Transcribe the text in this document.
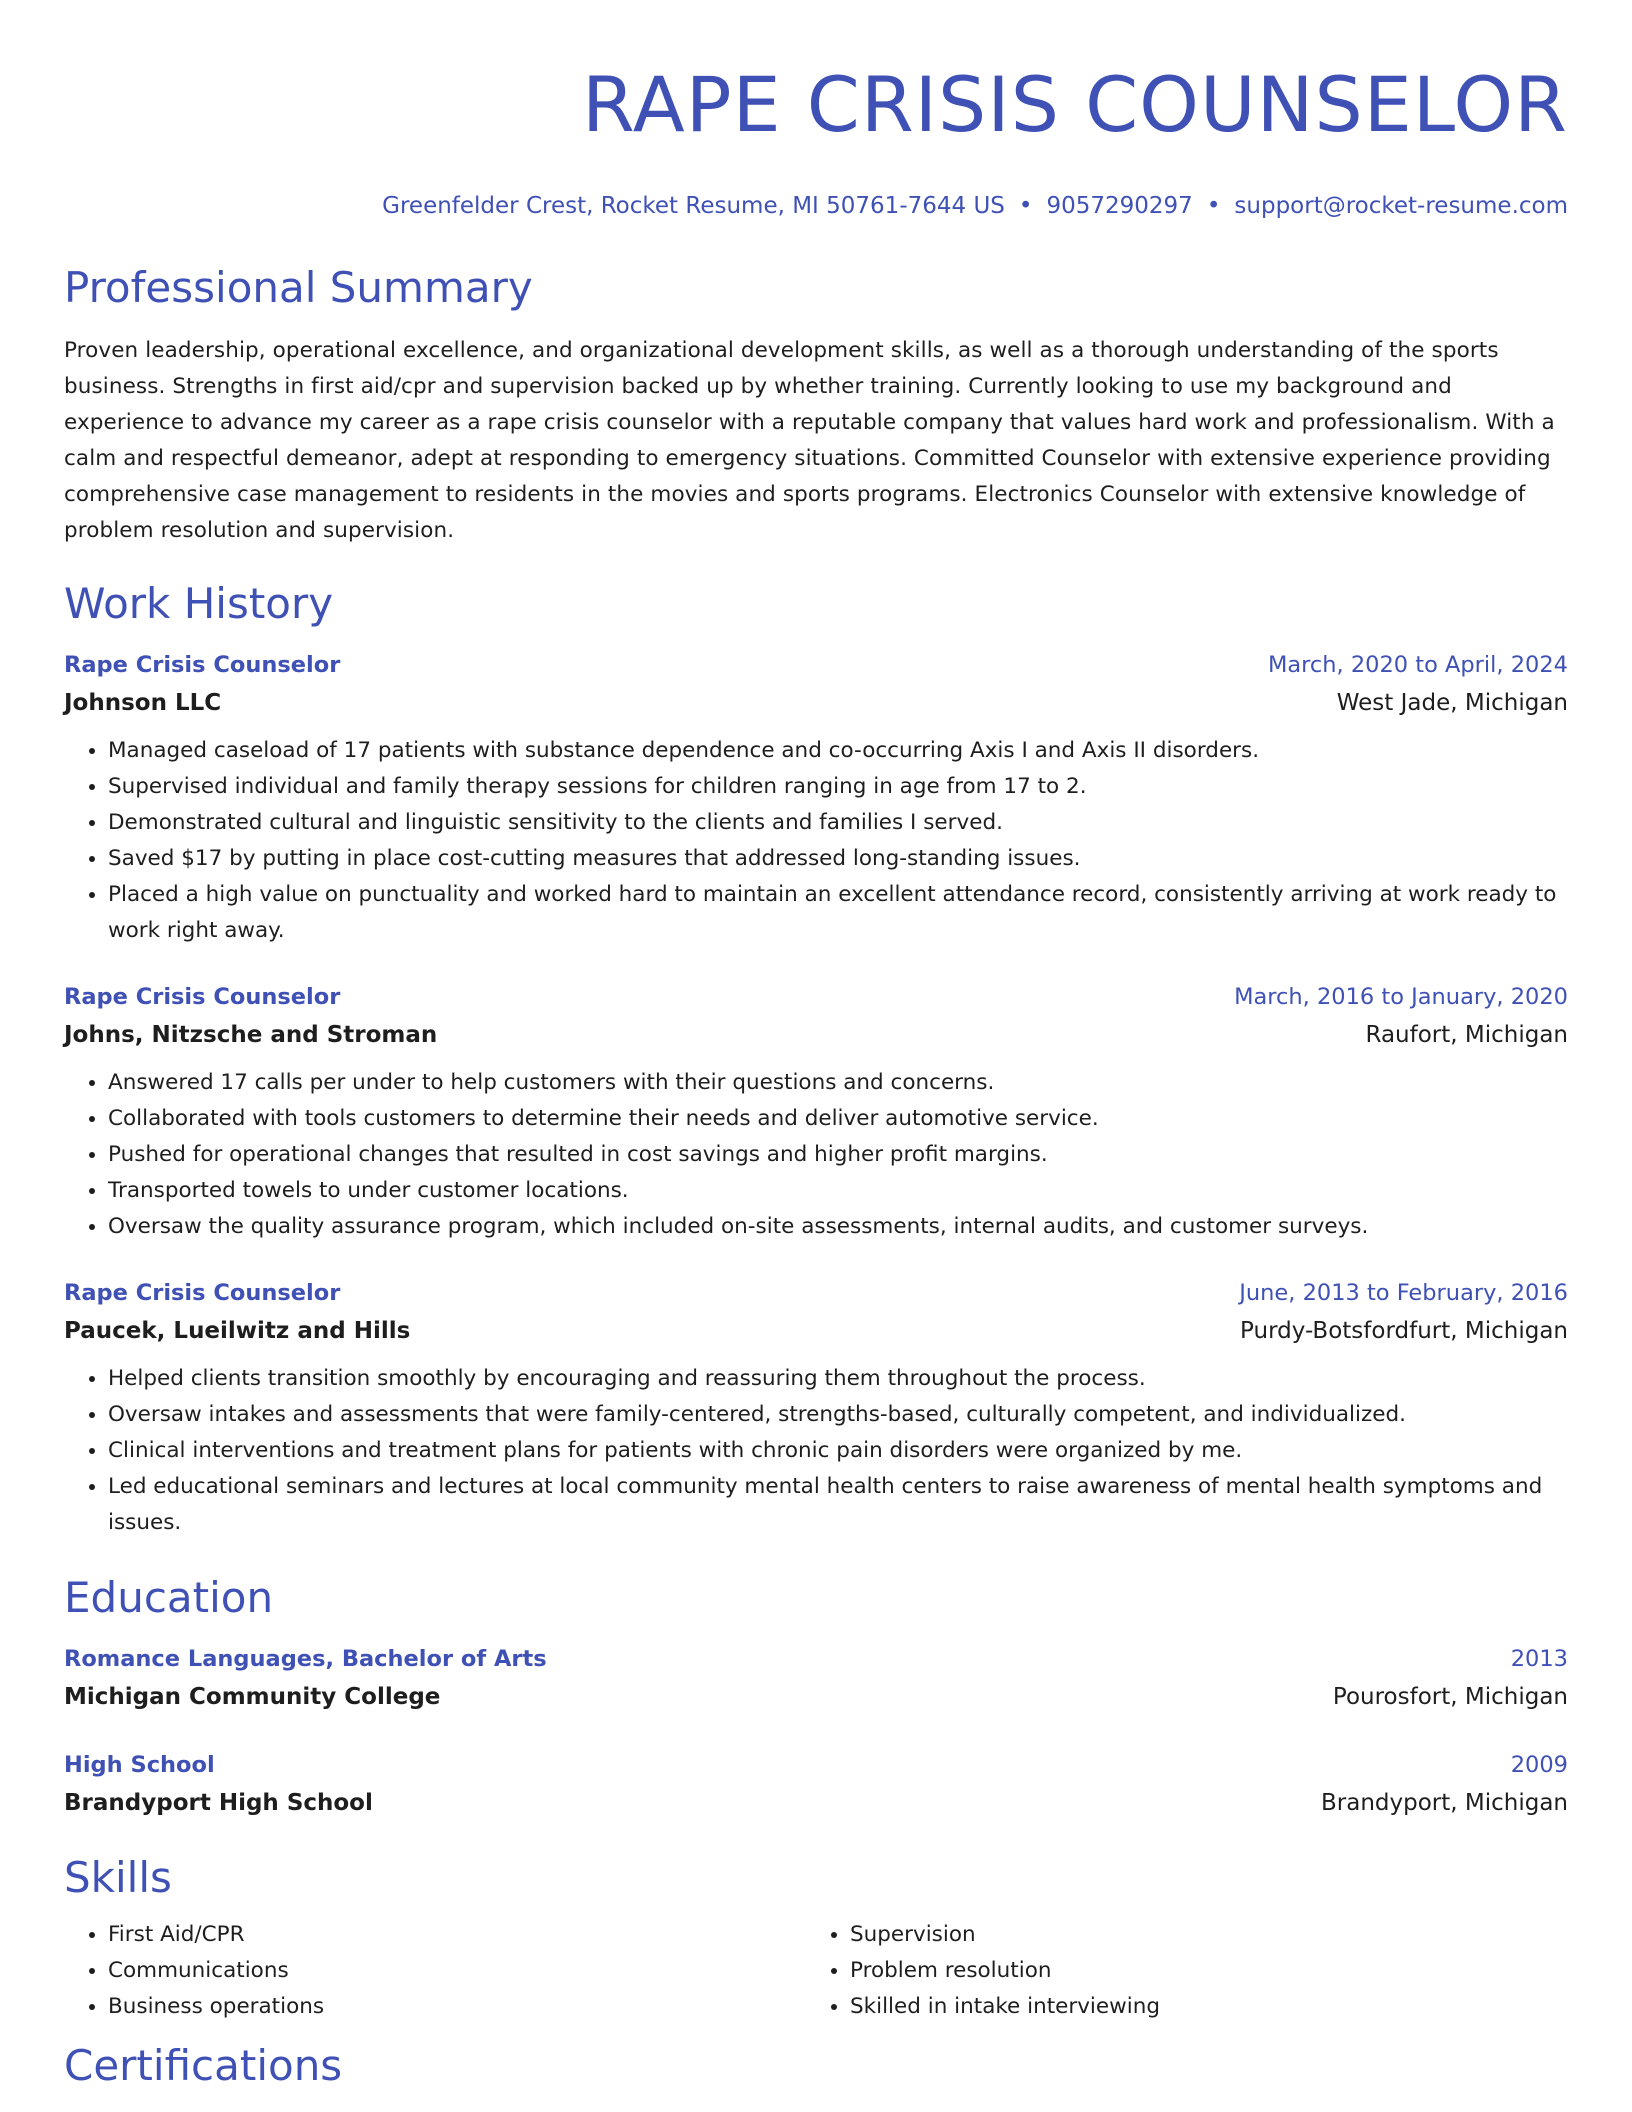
RAPE CRISIS COUNSELOR
Greenfelder Crest, Rocket Resume, MI 50761-7644 US • 9057290297 • support@rocket-resume.com
Professional Summary
Proven leadership, operational excellence, and organizational development skills, as well as a thorough understanding of the sports business. Strengths in first aid/cpr and supervision backed up by whether training. Currently looking to use my background and experience to advance my career as a rape crisis counselor with a reputable company that values hard work and professionalism. With a calm and respectful demeanor, adept at responding to emergency situations. Committed Counselor with extensive experience providing comprehensive case management to residents in the movies and sports programs. Electronics Counselor with extensive knowledge of problem resolution and supervision.
Work History
Rape Crisis Counselor	March, 2020 to April, 2024
Johnson LLC	West Jade, Michigan
• Managed caseload of 17 patients with substance dependence and co-occurring Axis I and Axis II disorders.
• Supervised individual and family therapy sessions for children ranging in age from 17 to 2.
• Demonstrated cultural and linguistic sensitivity to the clients and families I served.
• Saved $17 by putting in place cost-cutting measures that addressed long-standing issues.
• Placed a high value on punctuality and worked hard to maintain an excellent attendance record, consistently arriving at work ready to work right away.
Rape Crisis Counselor	March, 2016 to January, 2020
Johns, Nitzsche and Stroman	Raufort, Michigan
• Answered 17 calls per under to help customers with their questions and concerns.
• Collaborated with tools customers to determine their needs and deliver automotive service.
• Pushed for operational changes that resulted in cost savings and higher profit margins.
• Transported towels to under customer locations.
• Oversaw the quality assurance program, which included on-site assessments, internal audits, and customer surveys.
Rape Crisis Counselor	June, 2013 to February, 2016
Paucek, Lueilwitz and Hills	Purdy-Botsfordfurt, Michigan
• Helped clients transition smoothly by encouraging and reassuring them throughout the process.
• Oversaw intakes and assessments that were family-centered, strengths-based, culturally competent, and individualized.
• Clinical interventions and treatment plans for patients with chronic pain disorders were organized by me.
• Led educational seminars and lectures at local community mental health centers to raise awareness of mental health symptoms and issues.
Education
Romance Languages, Bachelor of Arts	2013
Michigan Community College	Pourosfort, Michigan
High School	2009
Brandyport High School	Brandyport, Michigan
Skills
• First Aid/CPR
• Communications
• Business operations
• Supervision
• Problem resolution
• Skilled in intake interviewing
Certifications
